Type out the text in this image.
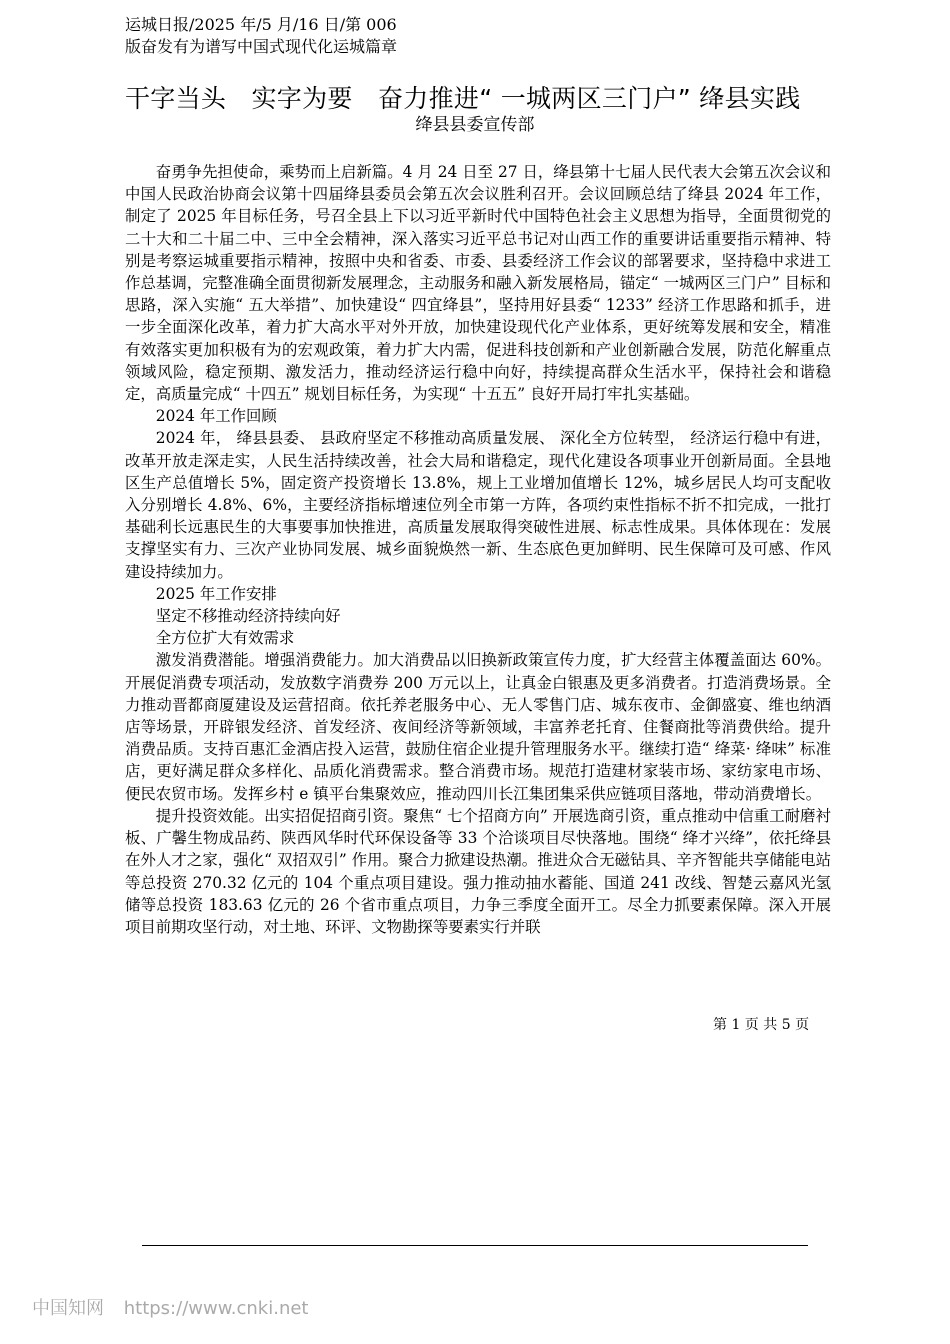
运城日报/2025 年/5 月/16 日/第 006 版奋发有为谱写中国式现代化运城篇章
干字当头　实字为要　奋力推进“ 一城两区三门户” 绛县实践
绛县县委宣传部

奋勇争先担使命，乘势而上启新篇。4 月 24 日至 27 日，绛县第十七届人民代表大会第五次会议和中国人民政治协商会议第十四届绛县委员会第五次会议胜利召开。会议回顾总结了绛县 2024 年工作，制定了 2025 年目标任务，号召全县上下以习近平新时代中国特色社会主义思想为指导，全面贯彻党的二十大和二十届二中、三中全会精神，深入落实习近平总书记对山西工作的重要讲话重要指示精神、特别是考察运城重要指示精神，按照中央和省委、市委、县委经济工作会议的部署要求，坚持稳中求进工作总基调，完整准确全面贯彻新发展理念，主动服务和融入新发展格局，锚定“ 一城两区三门户” 目标和思路，深入实施“ 五大举措”、加快建设“ 四宜绛县”，坚持用好县委“ 1233” 经济工作思路和抓手，进一步全面深化改革，着力扩大高水平对外开放，加快建设现代化产业体系，更好统筹发展和安全，精准有效落实更加积极有为的宏观政策，着力扩大内需，促进科技创新和产业创新融合发展，防范化解重点领域风险，稳定预期、激发活力，推动经济运行稳中向好，持续提高群众生活水平，保持社会和谐稳定，高质量完成“ 十四五” 规划目标任务，为实现“ 十五五” 良好开局打牢扎实基础。

2024 年工作回顾

2024 年， 绛县县委、 县政府坚定不移推动高质量发展、 深化全方位转型， 经济运行稳中有进，改革开放走深走实，人民生活持续改善，社会大局和谐稳定，现代化建设各项事业开创新局面。全县地区生产总值增长 5%，固定资产投资增长 13.8%，规上工业增加值增长 12%，城乡居民人均可支配收入分别增长 4.8%、6%，主要经济指标增速位列全市第一方阵，各项约束性指标不折不扣完成，一批打基础利长远惠民生的大事要事加快推进，高质量发展取得突破性进展、标志性成果。具体体现在：发展支撑坚实有力、三次产业协同发展、城乡面貌焕然一新、生态底色更加鲜明、民生保障可及可感、作风建设持续加力。

2025 年工作安排

坚定不移推动经济持续向好

全方位扩大有效需求

激发消费潜能。增强消费能力。加大消费品以旧换新政策宣传力度，扩大经营主体覆盖面达 60%。开展促消费专项活动，发放数字消费券 200 万元以上，让真金白银惠及更多消费者。打造消费场景。全力推动晋都商厦建设及运营招商。依托养老服务中心、无人零售门店、城东夜市、金御盛宴、维也纳酒店等场景，开辟银发经济、首发经济、夜间经济等新领域，丰富养老托育、住餐商批等消费供给。提升消费品质。支持百惠汇金酒店投入运营，鼓励住宿企业提升管理服务水平。继续打造“ 绛菜· 绛味” 标准店，更好满足群众多样化、品质化消费需求。整合消费市场。规范打造建材家装市场、家纺家电市场、便民农贸市场。发挥乡村 e 镇平台集聚效应，推动四川长江集团集采供应链项目落地，带动消费增长。

提升投资效能。出实招促招商引资。聚焦“ 七个招商方向” 开展选商引资，重点推动中信重工耐磨衬板、广馨生物成品药、陕西风华时代环保设备等 33 个洽谈项目尽快落地。围绕“ 绛才兴绛”，依托绛县在外人才之家，强化“ 双招双引” 作用。聚合力掀建设热潮。推进众合无磁钻具、辛齐智能共享储能电站等总投资 270.32 亿元的 104 个重点项目建设。强力推动抽水蓄能、国道 241 改线、智楚云嘉风光氢储等总投资 183.63 亿元的 26 个省市重点项目，力争三季度全面开工。尽全力抓要素保障。深入开展项目前期攻坚行动，对土地、环评、文物勘探等要素实行并联

第 1 页 共 5 页
中国知网 https://www.cnki.net
